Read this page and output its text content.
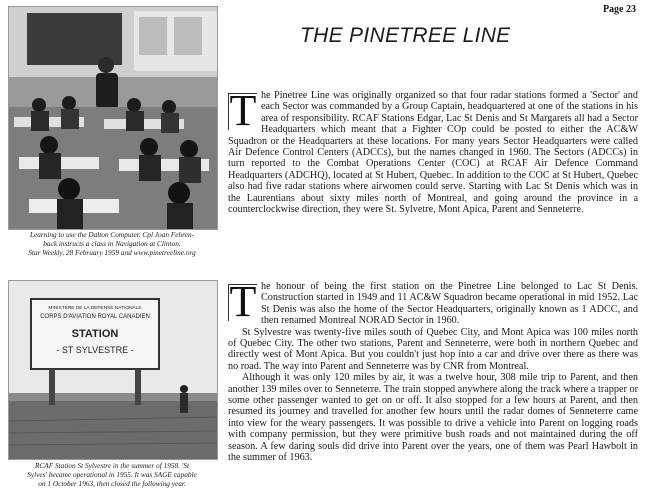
Page 23
THE PINETREE LINE
Learning to use the Dalton Computer. Cpl Joan Fehren-
back instructs a class in Navigation at Clinton.
Star Weekly, 28 February 1959 and www.pinetreeline.org
MINISTERE DE LA DEFENSE NATIONALE
CORPS D'AVIATION ROYAL CANADIEN
STATION
- ST SYLVESTRE -
RCAF Station St Sylvestre in the summer of 1958. 'St
Sylves' became operational in 1955. It was SAGE capable
on 1 October 1963, then closed the following year.
T he Pinetree Line was originally organized so that four radar stations formed a 'Sector' and each Sector was commanded by a Group Captain, headquartered at one of the stations in his area of responsibility. RCAF Stations Edgar, Lac St Denis and St Margarets all had a Sector Headquarters which meant that a Fighter COp could be posted to either the AC&W Squadron or the Headquarters at these locations. For many years Sector Headquarters were called Air Defence Control Centers (ADCCs), but the names changed in 1960. The Sectors (ADCCs) in turn reported to the Combat Operations Center (COC) at RCAF Air Defence Command Headquarters (ADCHQ), located at St Hubert, Quebec. In addition to the COC at St Hubert, Quebec also had five radar stations where airwomen could serve. Starting with Lac St Denis which was in the Laurentians about sixty miles north of Montreal, and going around the province in a counterclockwise direction, they were St. Sylvetre, Mont Apica, Parent and Senneterre.

T he honour of being the first station on the Pinetree Line belonged to Lac St Denis. Construction started in 1949 and 11 AC&W Squadron became operational in mid 1952. Lac St Denis was also the home of the Sector Headquarters, originally known as 1 ADCC, and then renamed Montreal NORAD Sector in 1960.

St Sylvestre was twenty-five miles south of Quebec City, and Mont Apica was 100 miles north of Quebec City. The other two stations, Parent and Senneterre, were both in northern Quebec and directly west of Mont Apica. But you couldn't just hop into a car and drive over there as there was no road. The way into Parent and Senneterre was by CNR from Montreal.

Although it was only 120 miles by air, it was a twelve hour, 308 mile trip to Parent, and then another 139 miles over to Senneterre. The train stopped anywhere along the track where a trapper or some other passenger wanted to get on or off. It also stopped for a few hours at Parent, and then resumed its journey and travelled for another few hours until the radar domes of Senneterre came into view for the weary passengers. It was possible to drive a vehicle into Parent on logging roads with company permission, but they were primitive bush roads and not maintained during the off season. A few daring souls did drive into Parent over the years, one of them was Pearl Hawbolt in the summer of 1963.
